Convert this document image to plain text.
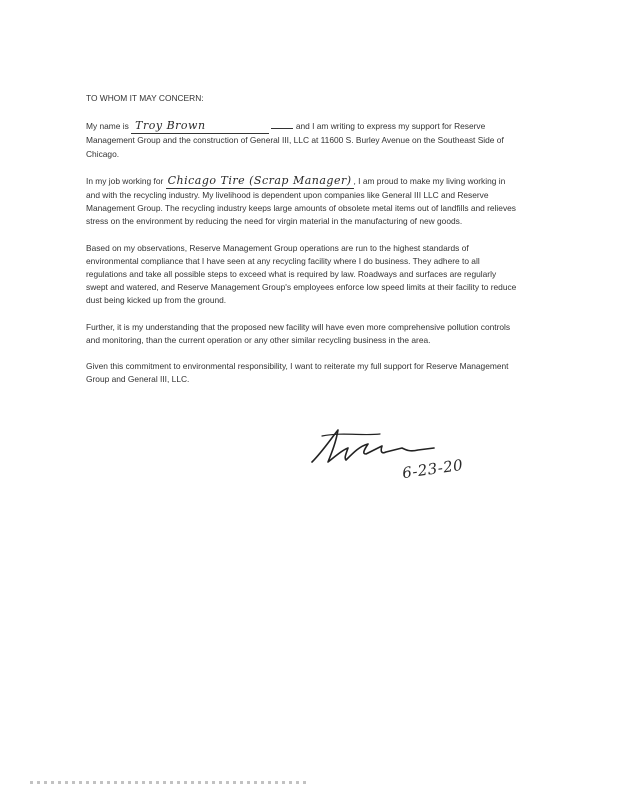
TO WHOM IT MAY CONCERN:

My name is Troy Brown	and I am writing to express my support for Reserve Management Group and the construction of General III, LLC at 11600 S. Burley Avenue on the Southeast Side of Chicago.

In my job working for Chicago Tire (Scrap Manager) , I am proud to make my living working in and with the recycling industry. My livelihood is dependent upon companies like General III LLC and Reserve Management Group. The recycling industry keeps large amounts of obsolete metal items out of landfills and relieves stress on the environment by reducing the need for virgin material in the manufacturing of new goods.

Based on my observations, Reserve Management Group operations are run to the highest standards of environmental compliance that I have seen at any recycling facility where I do business. They adhere to all regulations and take all possible steps to exceed what is required by law. Roadways and surfaces are regularly swept and watered, and Reserve Management Group's employees enforce low speed limits at their facility to reduce dust being kicked up from the ground.

Further, it is my understanding that the proposed new facility will have even more comprehensive pollution controls and monitoring, than the current operation or any other similar recycling business in the area.

Given this commitment to environmental responsibility, I want to reiterate my full support for Reserve Management Group and General III, LLC.

6-23-20
